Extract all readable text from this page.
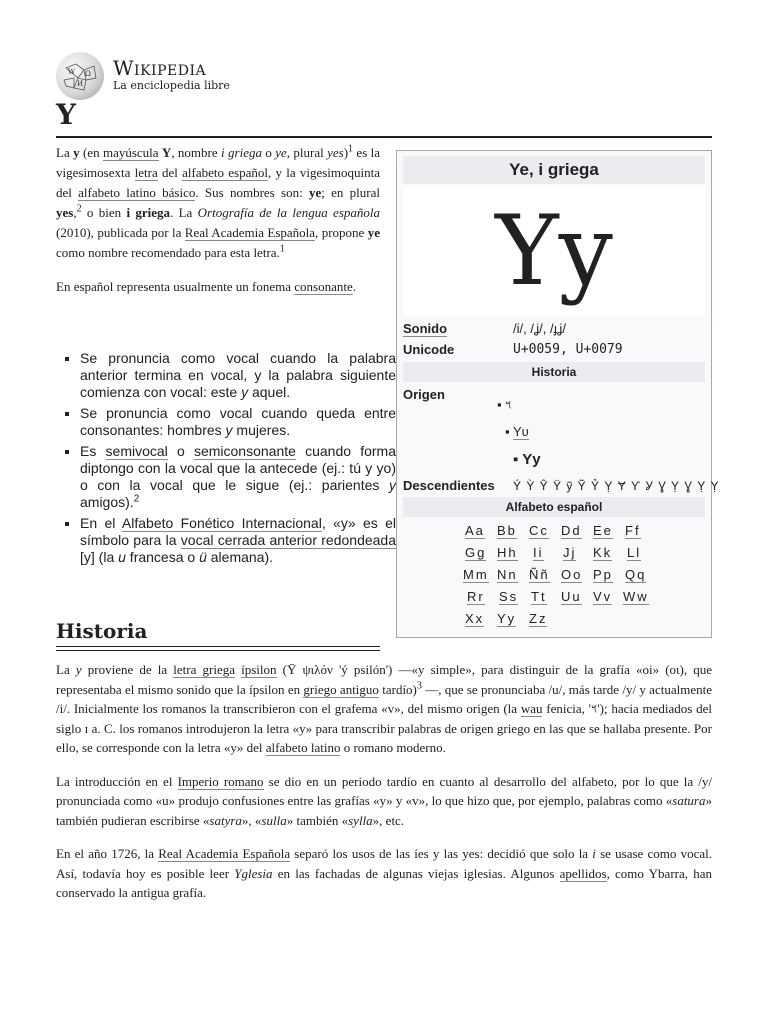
W Ω
И
Wikipedia
La enciclopedia libre
Y

La y (en mayúscula Y, nombre i griega o ye, plural yes)$^1$ es la vigesimosexta letra del alfabeto español, y la vigesimoquinta del alfabeto latino básico. Sus nombres son: ye; en plural yes,$^2$ o bien i griega. La Ortografía de la lengua española (2010), publicada por la Real Academia Española, propone ye como nombre recomendado para esta letra.$^1$

En español representa usualmente un fonema consonante.

▪ Se pronuncia como vocal cuando la palabra anterior termina en vocal, y la palabra siguiente comienza con vocal: este y aquel.
▪ Se pronuncia como vocal cuando queda entre consonantes: hombres y mujeres.
▪ Es semivocal o semiconsonante cuando forma diptongo con la vocal que la antecede (ej.: tú y yo) o con la vocal que le sigue (ej.: parientes y amigos).$^2$
▪ En el Alfabeto Fonético Internacional, «y» es el símbolo para la vocal cerrada anterior redondeada [y] (la u francesa o ü alemana).
Ye, i griega
Yy
Sonido	/i/, /ʝ/, /ɟʝ/
Unicode	U+0059, U+0079
Historia
Origen
▪ 𐤅
▪ Yυ
▪ Yy
Descendientes Ý Ỳ Ŷ Ÿ ỹ Ỹ Ỷ Ỵ Ɏ Ƴ Ỿ Ɣ Ỵ Ɣ Ỵ Ỵ
Alfabeto español
Aa Bb Cc Dd Ee Ff
Gg Hh Ii Jj Kk Ll
Mm Nn Ññ Oo Pp Qq
Rr Ss Tt Uu Vv Ww
Xx Yy Zz
Historia

La y proviene de la letra griega ípsilon (Ῡ ψιλόν 'ý psilón') —«y simple», para distinguir de la grafía «oi» (οι), que representaba el mismo sonido que la ípsilon en griego antiguo tardío)$^3$ —, que se pronunciaba /u/, más tarde /y/ y actualmente /i/. Inicialmente los romanos la transcribieron con el grafema «v», del mismo origen (la wau fenicia, '𐤅'); hacia mediados del siglo ɪ a. C. los romanos introdujeron la letra «y» para transcribir palabras de origen griego en las que se hallaba presente. Por ello, se corresponde con la letra «y» del alfabeto latino o romano moderno.

La introducción en el Imperio romano se dio en un periodo tardío en cuanto al desarrollo del alfabeto, por lo que la /y/ pronunciada como «u» produjo confusiones entre las grafías «y» y «v», lo que hizo que, por ejemplo, palabras como «satura» también pudieran escribirse «satyra», «sulla» también «sylla», etc.

En el año 1726, la Real Academia Española separó los usos de las íes y las yes: decidió que solo la i se usase como vocal. Así, todavía hoy es posible leer Yglesia en las fachadas de algunas viejas iglesias. Algunos apellidos, como Ybarra, han conservado la antigua grafía.
